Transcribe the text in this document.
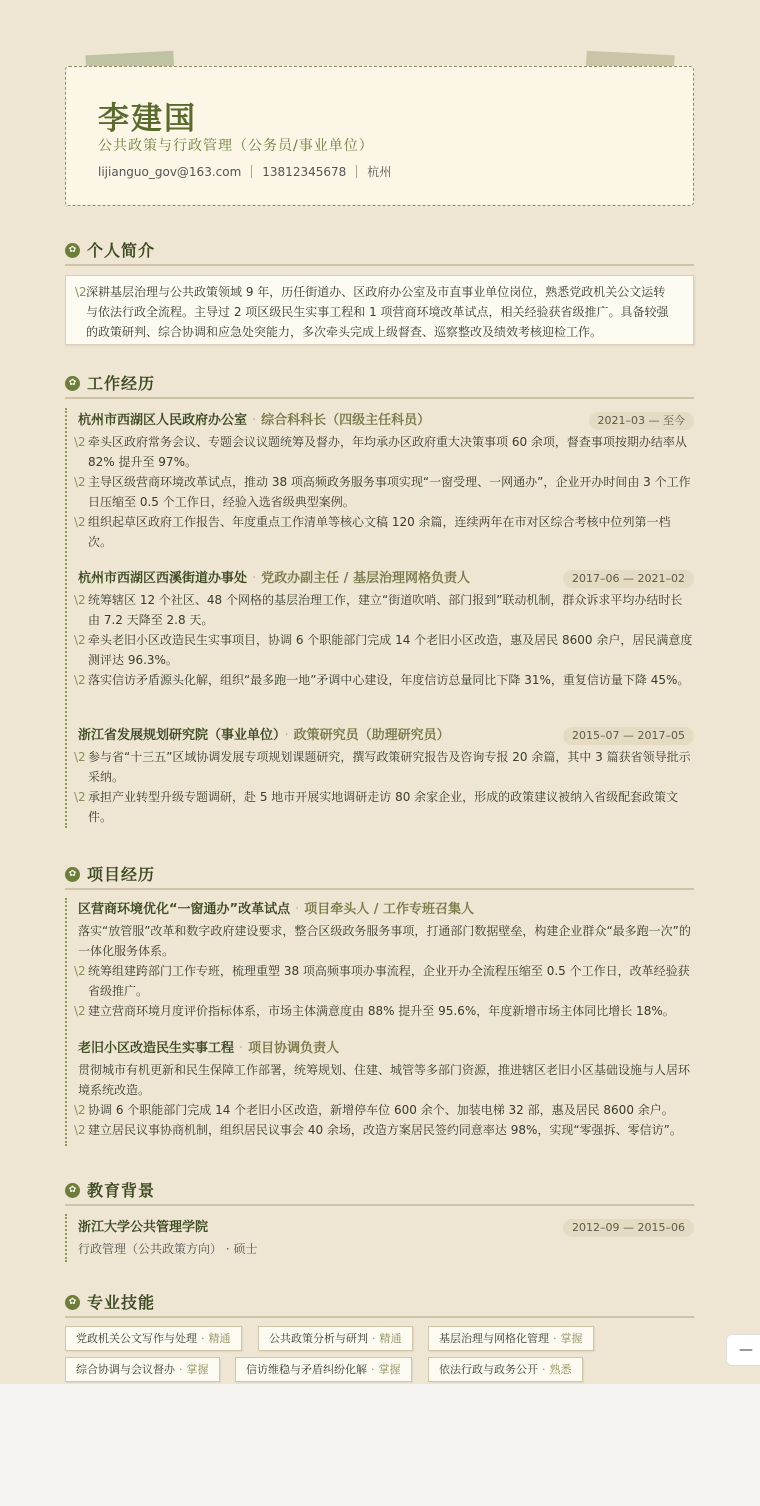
李建国
公共政策与行政管理（公务员/事业单位）
lijianguo_gov@163.com 13812345678 杭州
✿ 个人简介
\2 深耕基层治理与公共政策领域 9 年，历任街道办、区政府办公室及市直事业单位岗位，熟悉党政机关公文运转与依法行政全流程。主导过 2 项区级民生实事工程和 1 项营商环境改革试点，相关经验获省级推广。具备较强的政策研判、综合协调和应急处突能力，多次牵头完成上级督查、巡察整改及绩效考核迎检工作。
✿ 工作经历
杭州市西湖区人民政府办公室 · 综合科科长（四级主任科员）	2021–03 — 至今
\2 牵头区政府常务会议、专题会议议题统筹及督办，年均承办区政府重大决策事项 60 余项，督查事项按期办结率从 82% 提升至 97%。
\2 主导区级营商环境改革试点，推动 38 项高频政务服务事项实现“一窗受理、一网通办”，企业开办时间由 3 个工作日压缩至 0.5 个工作日，经验入选省级典型案例。
\2 组织起草区政府工作报告、年度重点工作清单等核心文稿 120 余篇，连续两年在市对区综合考核中位列第一档次。
杭州市西湖区西溪街道办事处 · 党政办副主任 / 基层治理网格负责人	2017–06 — 2021–02
\2 统筹辖区 12 个社区、48 个网格的基层治理工作，建立“街道吹哨、部门报到”联动机制，群众诉求平均办结时长由 7.2 天降至 2.8 天。
\2 牵头老旧小区改造民生实事项目，协调 6 个职能部门完成 14 个老旧小区改造，惠及居民 8600 余户，居民满意度测评达 96.3%。
\2 落实信访矛盾源头化解，组织“最多跑一地”矛调中心建设，年度信访总量同比下降 31%，重复信访量下降 45%。
浙江省发展规划研究院（事业单位） · 政策研究员（助理研究员）	2015–07 — 2017–05
\2 参与省“十三五”区域协调发展专项规划课题研究，撰写政策研究报告及咨询专报 20 余篇，其中 3 篇获省领导批示采纳。
\2 承担产业转型升级专题调研，赴 5 地市开展实地调研走访 80 余家企业，形成的政策建议被纳入省级配套政策文件。
✿ 项目经历
区营商环境优化“一窗通办”改革试点 · 项目牵头人 / 工作专班召集人
落实“放管服”改革和数字政府建设要求，整合区级政务服务事项，打通部门数据壁垒，构建企业群众“最多跑一次”的一体化服务体系。
\2 统筹组建跨部门工作专班，梳理重塑 38 项高频事项办事流程，企业开办全流程压缩至 0.5 个工作日，改革经验获省级推广。
\2 建立营商环境月度评价指标体系，市场主体满意度由 88% 提升至 95.6%，年度新增市场主体同比增长 18%。
老旧小区改造民生实事工程 · 项目协调负责人
贯彻城市有机更新和民生保障工作部署，统筹规划、住建、城管等多部门资源，推进辖区老旧小区基础设施与人居环境系统改造。
\2 协调 6 个职能部门完成 14 个老旧小区改造，新增停车位 600 余个、加装电梯 32 部，惠及居民 8600 余户。
\2 建立居民议事协商机制，组织居民议事会 40 余场，改造方案居民签约同意率达 98%，实现“零强拆、零信访”。
✿ 教育背景
浙江大学公共管理学院	2012–09 — 2015–06
行政管理（公共政策方向） · 硕士
✿ 专业技能
党政机关公文写作与处理 · 精通	公共政策分析与研判 · 精通	基层治理与网格化管理 · 掌握
综合协调与会议督办 · 掌握	信访维稳与矛盾纠纷化解 · 掌握	依法行政与政务公开 · 熟悉
—
